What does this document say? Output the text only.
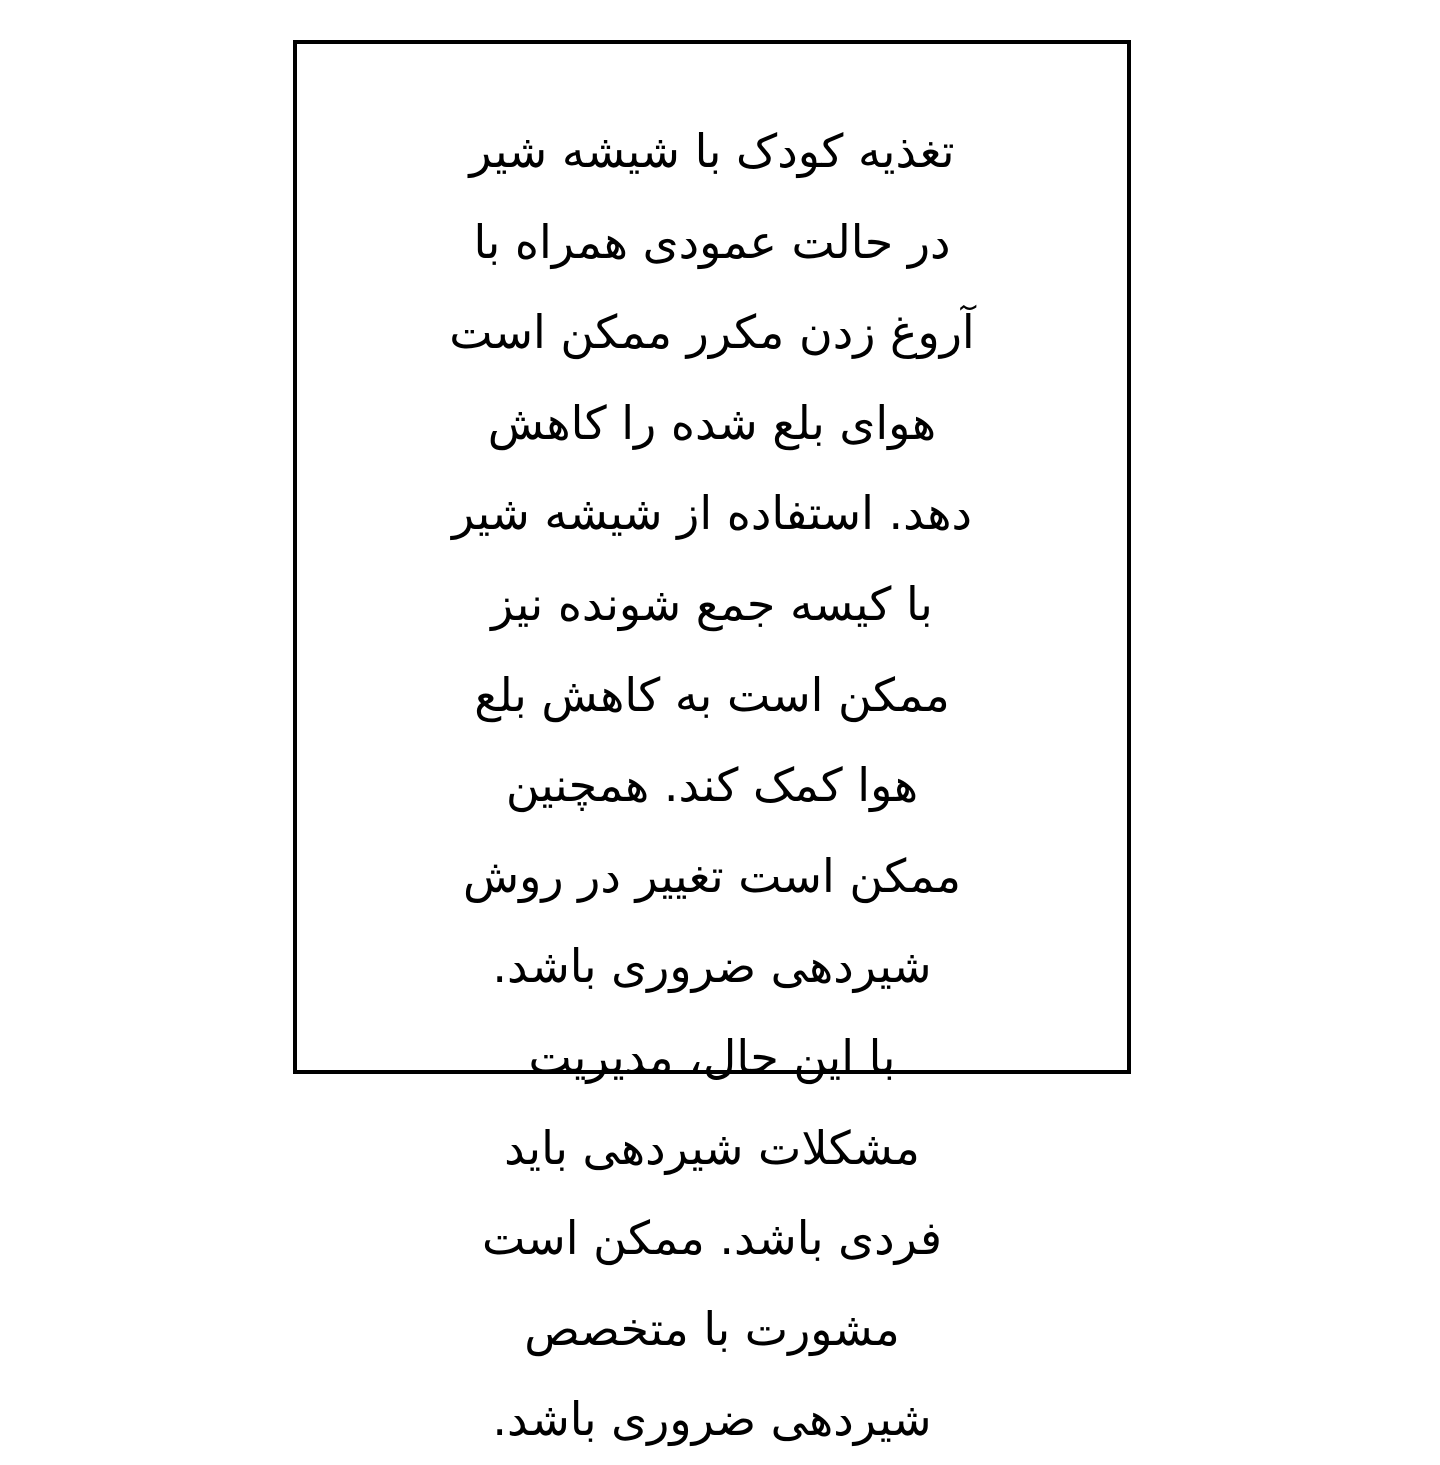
تغذیه کودک با شیشه شیر
در حالت عمودی همراه با
آروغ زدن مکرر ممکن است
هوای بلع شده را کاهش
دهد. استفاده از شیشه شیر
با کیسه جمع شونده نیز
ممکن است به کاهش بلع
هوا کمک کند. همچنین
ممکن است تغییر در روش
شیردهی ضروری باشد.
با این حال، مدیریت
مشکلات شیردهی باید
فردی باشد. ممکن است
مشورت با متخصص
شیردهی ضروری باشد.
